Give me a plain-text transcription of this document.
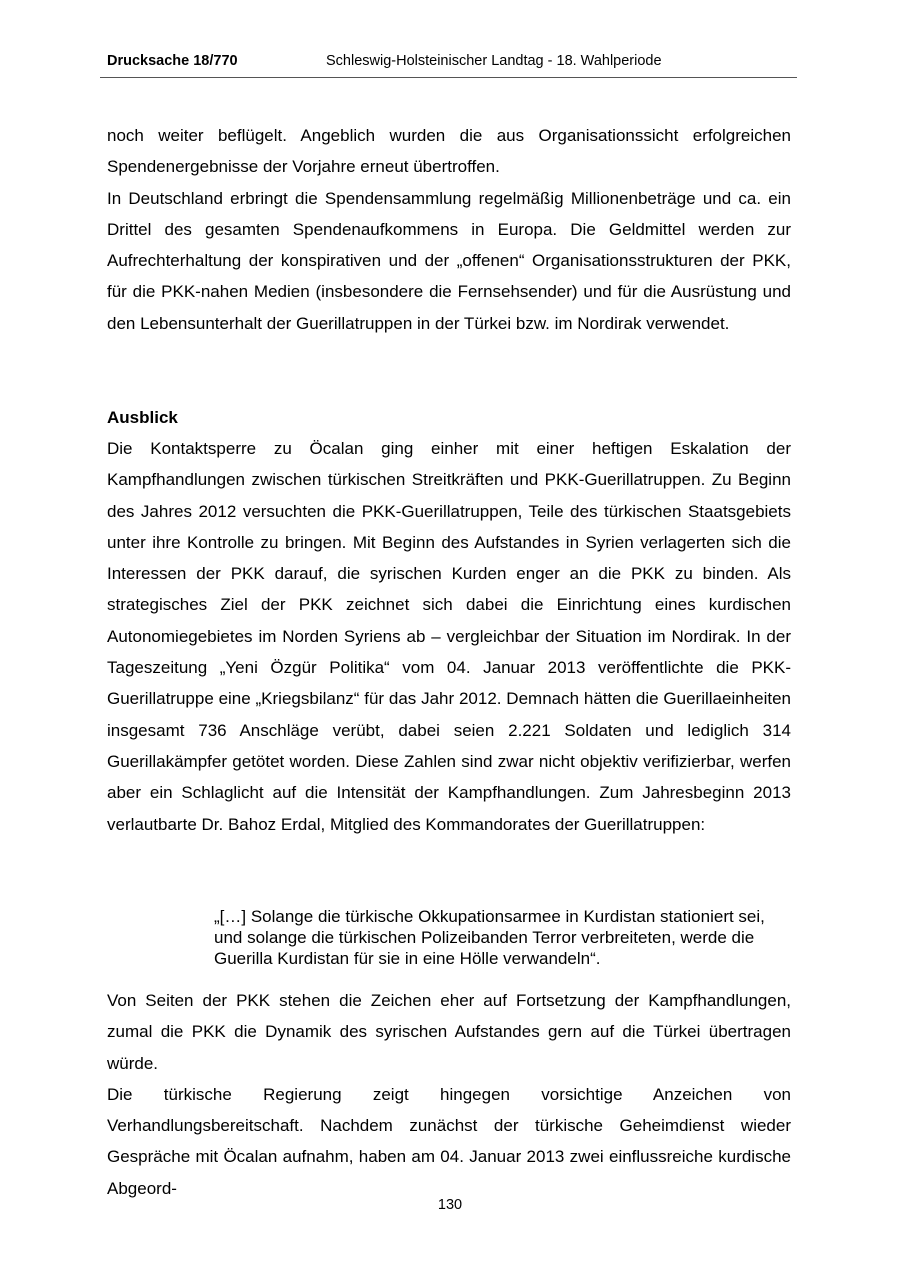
Drucksache 18/770	Schleswig-Holsteinischer Landtag - 18. Wahlperiode

noch weiter beflügelt. Angeblich wurden die aus Organisationssicht erfolgreichen Spendenergebnisse der Vorjahre erneut übertroffen.

In Deutschland erbringt die Spendensammlung regelmäßig Millionenbeträge und ca. ein Drittel des gesamten Spendenaufkommens in Europa. Die Geldmittel werden zur Aufrechterhaltung der konspirativen und der „offenen“ Organisationsstrukturen der PKK, für die PKK-nahen Medien (insbesondere die Fernsehsender) und für die Ausrüstung und den Lebensunterhalt der Guerillatruppen in der Türkei bzw. im Nordirak verwendet.

Ausblick

Die Kontaktsperre zu Öcalan ging einher mit einer heftigen Eskalation der Kampfhandlungen zwischen türkischen Streitkräften und PKK-Guerillatruppen. Zu Beginn des Jahres 2012 versuchten die PKK-Guerillatruppen, Teile des türkischen Staatsgebiets unter ihre Kontrolle zu bringen. Mit Beginn des Aufstandes in Syrien verlagerten sich die Interessen der PKK darauf, die syrischen Kurden enger an die PKK zu binden. Als strategisches Ziel der PKK zeichnet sich dabei die Einrichtung eines kurdischen Autonomiegebietes im Norden Syriens ab – vergleichbar der Situation im Nordirak. In der Tageszeitung „Yeni Özgür Politika“ vom 04. Januar 2013 veröffentlichte die PKK-Guerillatruppe eine „Kriegsbilanz“ für das Jahr 2012. Demnach hätten die Guerillaeinheiten insgesamt 736 Anschläge verübt, dabei seien 2.221 Soldaten und lediglich 314 Guerillakämpfer getötet worden. Diese Zahlen sind zwar nicht objektiv verifizierbar, werfen aber ein Schlaglicht auf die Intensität der Kampfhandlungen. Zum Jahresbeginn 2013 verlautbarte Dr. Bahoz Erdal, Mitglied des Kommandorates der Guerillatruppen:

„[…] Solange die türkische Okkupationsarmee in Kurdistan stationiert sei, und solange die türkischen Polizeibanden Terror verbreiteten, werde die Guerilla Kurdistan für sie in eine Hölle verwandeln“.

Von Seiten der PKK stehen die Zeichen eher auf Fortsetzung der Kampfhandlungen, zumal die PKK die Dynamik des syrischen Aufstandes gern auf die Türkei übertragen würde.

Die türkische Regierung zeigt hingegen vorsichtige Anzeichen von Verhandlungsbereitschaft. Nachdem zunächst der türkische Geheimdienst wieder Gespräche mit Öcalan aufnahm, haben am 04. Januar 2013 zwei einflussreiche kurdische Abgeord-

130
